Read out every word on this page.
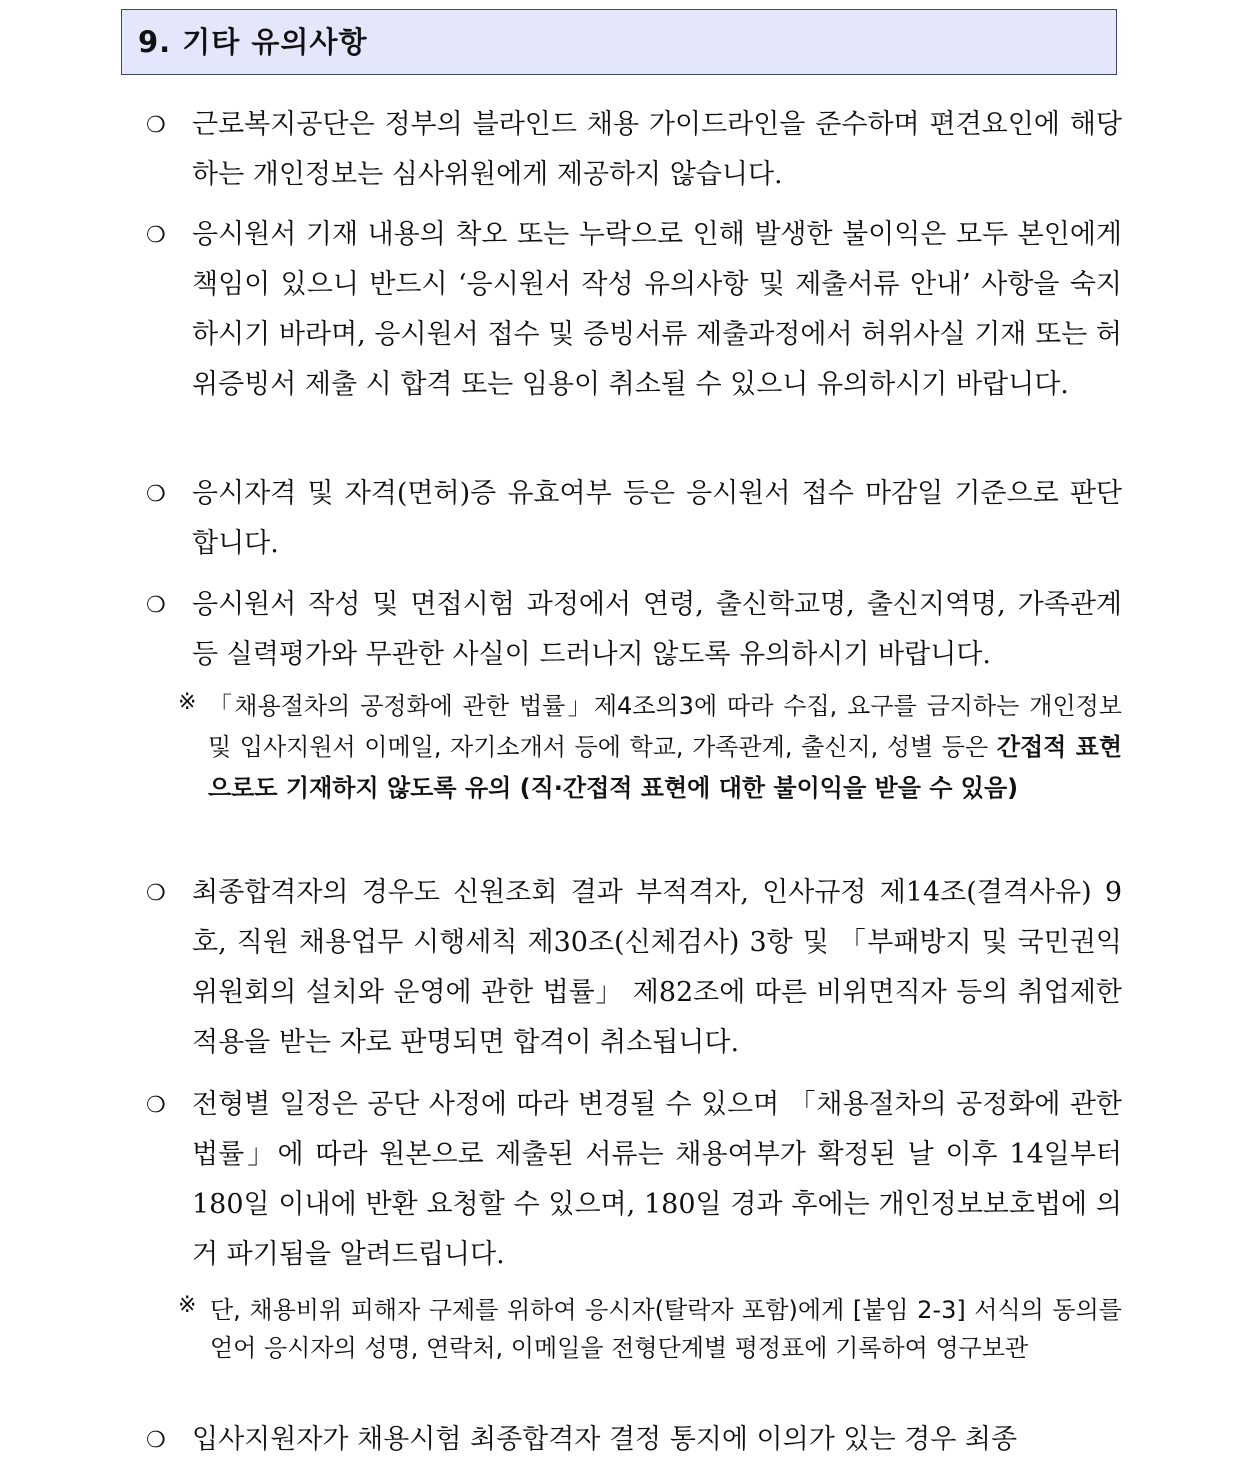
9. 기타 유의사항
❍ 근로복지공단은 정부의 블라인드 채용 가이드라인을 준수하며 편견요인에 해당하는 개인정보는 심사위원에게 제공하지 않습니다.
❍ 응시원서 기재 내용의 착오 또는 누락으로 인해 발생한 불이익은 모두 본인에게 책임이 있으니 반드시 ‘응시원서 작성 유의사항 및 제출서류 안내’ 사항을 숙지하시기 바라며, 응시원서 접수 및 증빙서류 제출과정에서 허위사실 기재 또는 허위증빙서 제출 시 합격 또는 임용이 취소될 수 있으니 유의하시기 바랍니다.
❍ 응시자격 및 자격(면허)증 유효여부 등은 응시원서 접수 마감일 기준으로 판단합니다.
❍ 응시원서 작성 및 면접시험 과정에서 연령, 출신학교명, 출신지역명, 가족관계 등 실력평가와 무관한 사실이 드러나지 않도록 유의하시기 바랍니다.
※ 「채용절차의 공정화에 관한 법률」제4조의3에 따라 수집, 요구를 금지하는 개인정보 및 입사지원서 이메일, 자기소개서 등에 학교, 가족관계, 출신지, 성별 등은 간접적 표현으로도 기재하지 않도록 유의 (직·간접적 표현에 대한 불이익을 받을 수 있음)
❍ 최종합격자의 경우도 신원조회 결과 부적격자, 인사규정 제14조(결격사유) 9호, 직원 채용업무 시행세칙 제30조(신체검사) 3항 및 「부패방지 및 국민권익위원회의 설치와 운영에 관한 법률」 제82조에 따른 비위면직자 등의 취업제한 적용을 받는 자로 판명되면 합격이 취소됩니다.
❍ 전형별 일정은 공단 사정에 따라 변경될 수 있으며 「채용절차의 공정화에 관한 법률」에 따라 원본으로 제출된 서류는 채용여부가 확정된 날 이후 14일부터 180일 이내에 반환 요청할 수 있으며, 180일 경과 후에는 개인정보보호법에 의거 파기됨을 알려드립니다.
※ 단, 채용비위 피해자 구제를 위하여 응시자(탈락자 포함)에게 [붙임 2-3] 서식의 동의를 얻어 응시자의 성명, 연락처, 이메일을 전형단계별 평정표에 기록하여 영구보관
❍ 입사지원자가 채용시험 최종합격자 결정 통지에 이의가 있는 경우 최종
